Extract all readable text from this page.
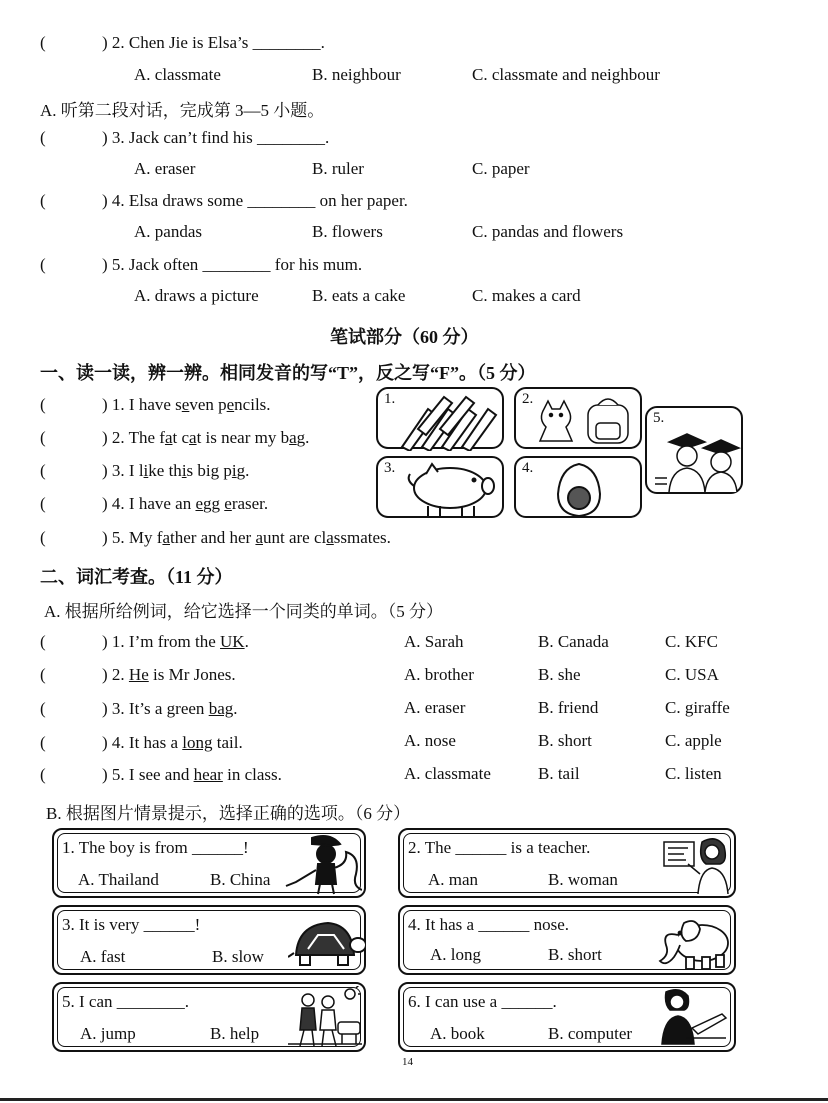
(	) 2. Chen Jie is Elsa’s ________.
A. classmate	B. neighbour	C. classmate and neighbour
A. 听第二段对话，完成第 3—5 小题。
(	) 3. Jack can’t find his ________.
A. eraser	B. ruler	C. paper
(	) 4. Elsa draws some ________ on her paper.
A. pandas	B. flowers	C. pandas and flowers
(	) 5. Jack often ________ for his mum.
A. draws a picture	B. eats a cake	C. makes a card
笔试部分（60 分）
一、读一读，辨一辨。相同发音的写“T”，反之写“F”。（5 分）
(	) 1. I have seven pencils.
(	) 2. The fat cat is near my bag.
(	) 3. I like this big pig.
(	) 4. I have an egg eraser.
(	) 5. My father and her aunt are classmates.
1.	2.
5.
3.	4.
二、词汇考查。（11 分）
A. 根据所给例词，给它选择一个同类的单词。（5 分）
(	) 1. I’m from the UK.	A. Sarah	B. Canada	C. KFC
(	) 2. He is Mr Jones.	A. brother	B. she	C. USA
(	) 3. It’s a green bag.	A. eraser	B. friend	C. giraffe
(	) 4. It has a long tail.	A. nose	B. short	C. apple
(	) 5. I see and hear in class.	A. classmate	B. tail	C. listen
B. 根据图片情景提示，选择正确的选项。（6 分）
1. The boy is from ______!
A. Thailand	B. China
2. The ______ is a teacher.
A. man	B. woman
3. It is very ______!
A. fast	B. slow
4. It has a ______ nose.
A. long	B. short
5. I can ________.
A. jump	B. help
6. I can use a ______.
A. book	B. computer
14
